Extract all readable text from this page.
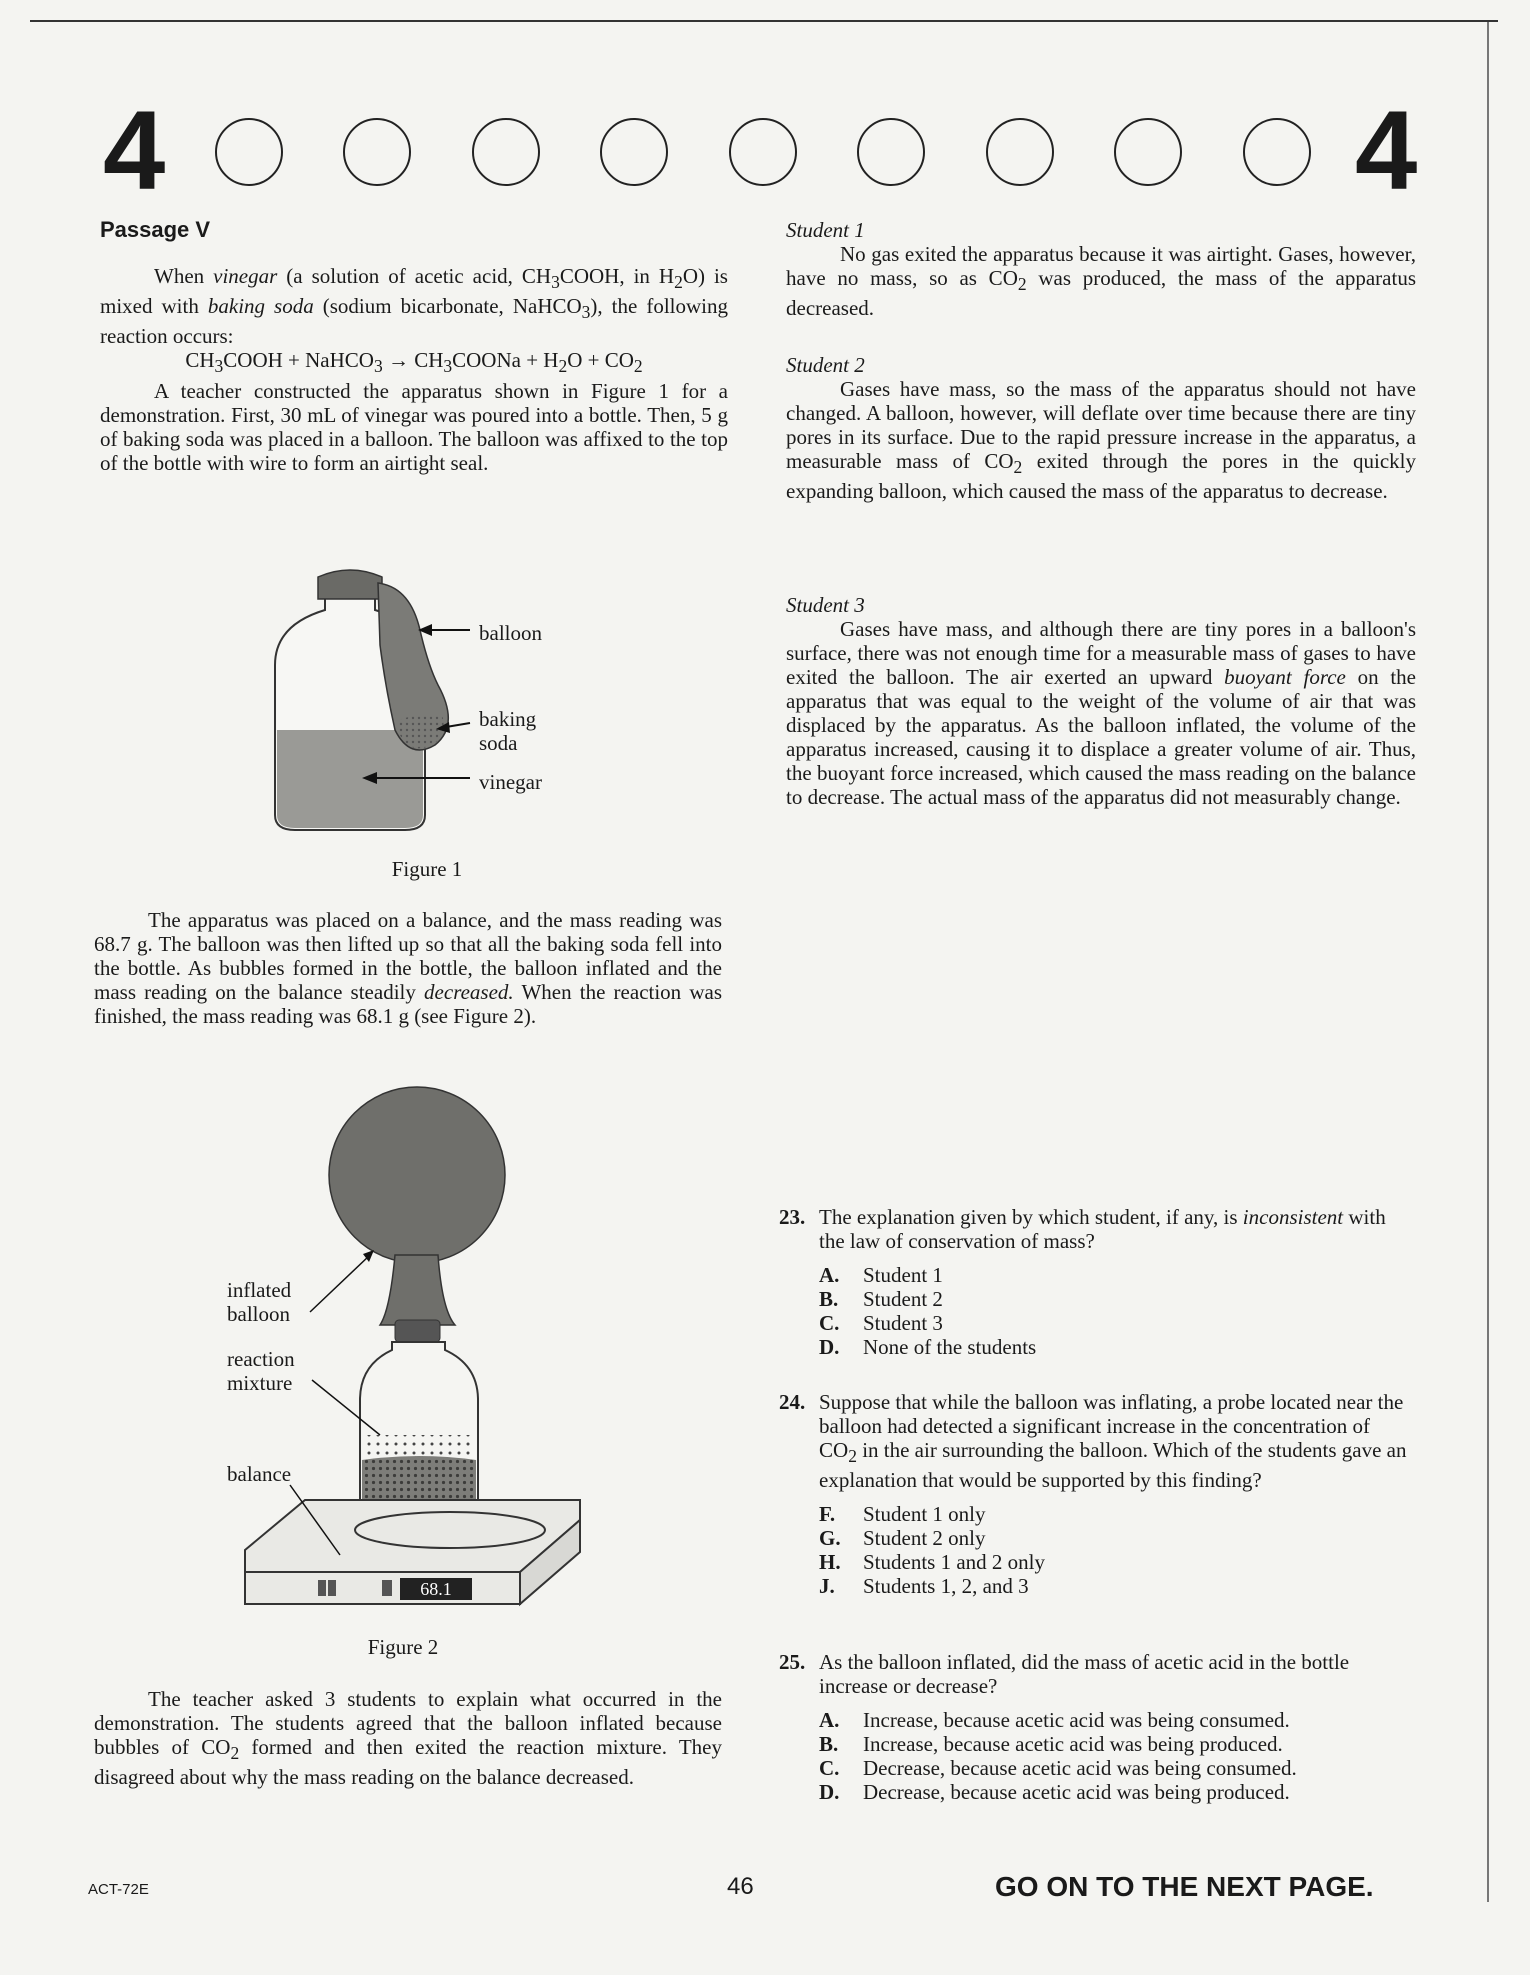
4	4

Passage V

When vinegar (a solution of acetic acid, $CH_3COOH$, in $H_2O$) is mixed with baking soda (sodium bicarbonate, NaHCO$_3$), the following reaction occurs:

$CH_3COOH$ + NaHCO$_3$ → $CH_3COONa + H_2O + CO_2$

A teacher constructed the apparatus shown in Figure 1 for a demonstration. First, 30 mL of vinegar was poured into a bottle. Then, 5 g of baking soda was placed in a balloon. The balloon was affixed to the top of the bottle with wire to form an airtight seal.

balloon
baking
soda
vinegar
Figure 1

The apparatus was placed on a balance, and the mass reading was 68.7 g. The balloon was then lifted up so that all the baking soda fell into the bottle. As bubbles formed in the bottle, the balloon inflated and the mass reading on the balance steadily decreased. When the reaction was finished, the mass reading was 68.1 g (see Figure 2).

68.1
inflated
balloon
reaction
mixture
balance
Figure 2

The teacher asked 3 students to explain what occurred in the demonstration. The students agreed that the balloon inflated because bubbles of $CO_2$ formed and then exited the reaction mixture. They disagreed about why the mass reading on the balance decreased.

Student 1

No gas exited the apparatus because it was airtight. Gases, however, have no mass, so as $CO_2$ was produced, the mass of the apparatus decreased.

Student 2

Gases have mass, so the mass of the apparatus should not have changed. A balloon, however, will deflate over time because there are tiny pores in its surface. Due to the rapid pressure increase in the apparatus, a measurable mass of $CO_2$ exited through the pores in the quickly expanding balloon, which caused the mass of the apparatus to decrease.

Student 3

Gases have mass, and although there are tiny pores in a balloon's surface, there was not enough time for a measurable mass of gases to have exited the balloon. The air exerted an upward buoyant force on the apparatus that was equal to the weight of the volume of air that was displaced by the apparatus. As the balloon inflated, the volume of the apparatus increased, causing it to displace a greater volume of air. Thus, the buoyant force increased, which caused the mass reading on the balance to decrease. The actual mass of the apparatus did not measurably change.

23. The explanation given by which student, if any, is inconsistent with the law of conservation of mass?
A.	Student 1
B.	Student 2
C.	Student 3
D.	None of the students
24. Suppose that while the balloon was inflating, a probe located near the balloon had detected a significant increase in the concentration of $CO_2$ in the air surrounding the balloon. Which of the students gave an explanation that would be supported by this finding?
F.	Student 1 only
G.	Student 2 only
H.	Students 1 and 2 only
J.	Students 1, 2, and 3
25. As the balloon inflated, did the mass of acetic acid in the bottle increase or decrease?
A.	Increase, because acetic acid was being consumed.
B.	Increase, because acetic acid was being produced.
C.	Decrease, because acetic acid was being consumed.
D.	Decrease, because acetic acid was being produced.
ACT-72E	46	GO ON TO THE NEXT PAGE.
